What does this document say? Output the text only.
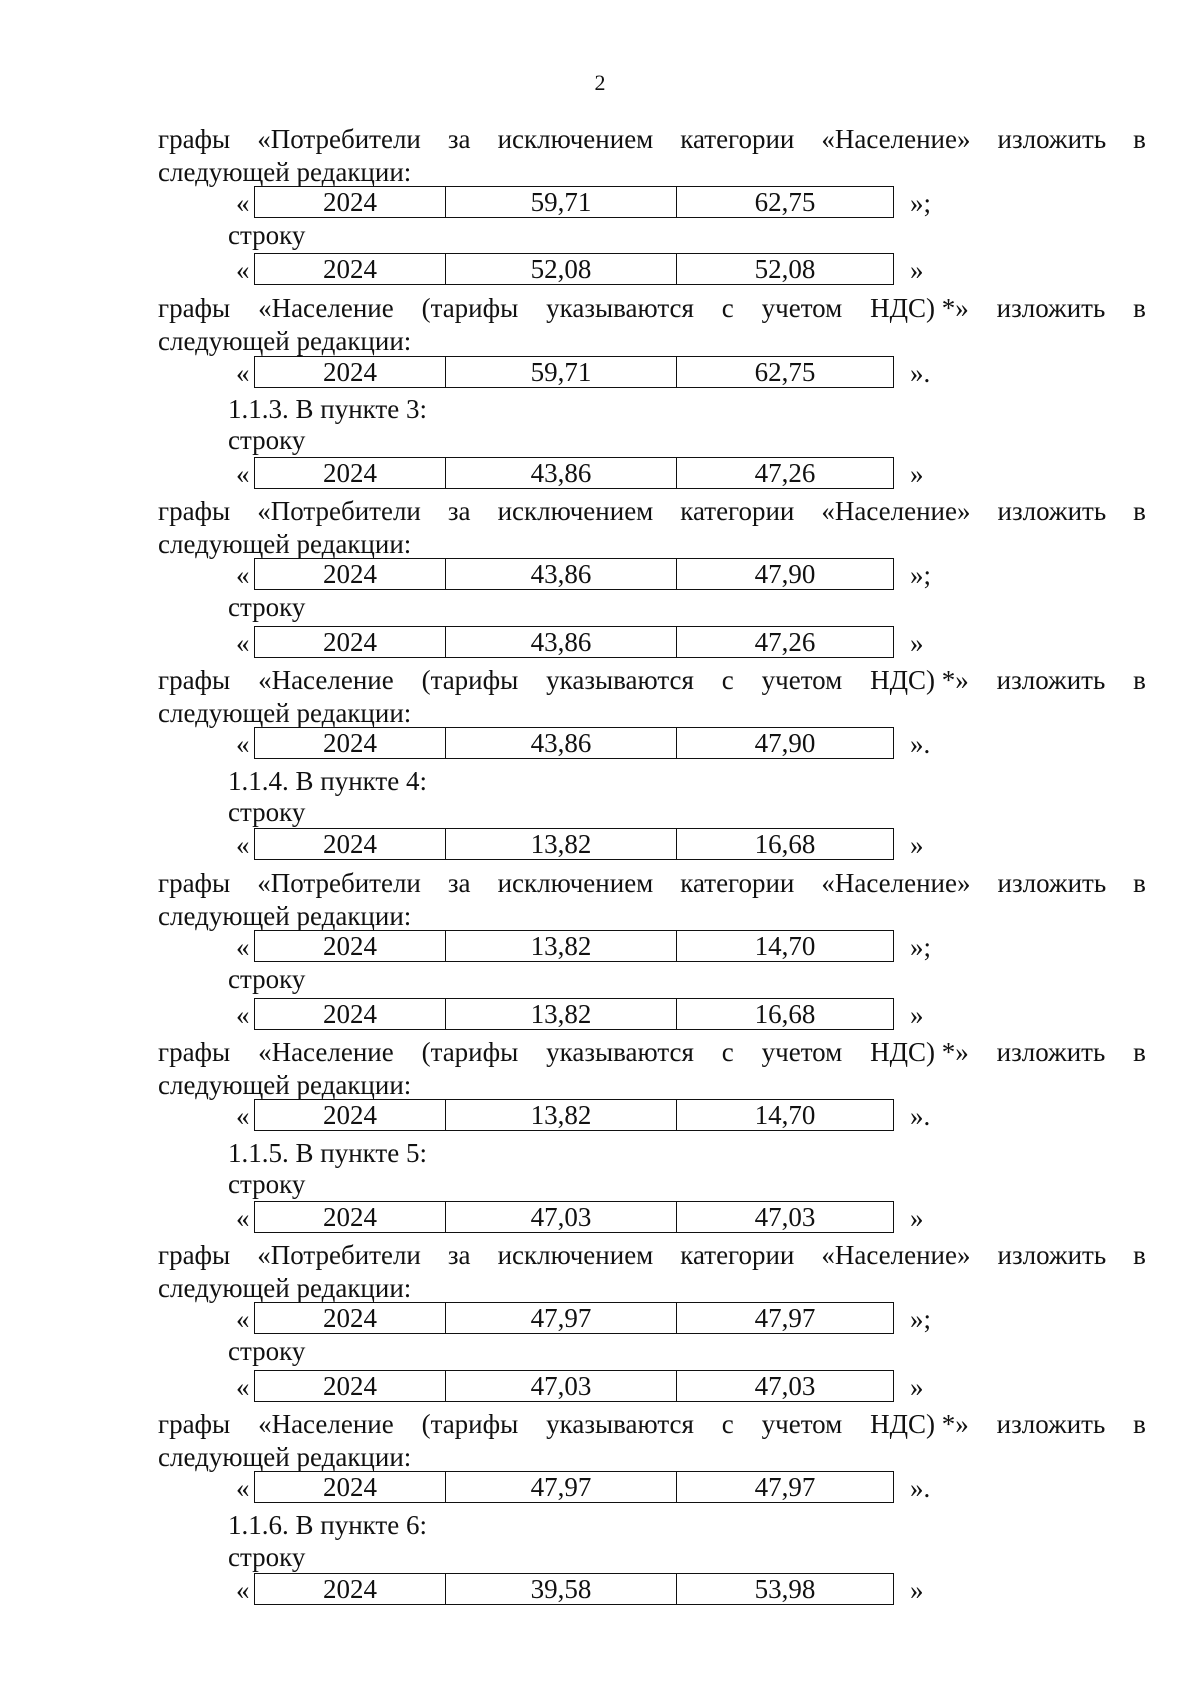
2
графы «Потребители за исключением категории «Население» изложить в
следующей редакции:
«	2024	59,71	62,75	»;
строку
«	2024	52,08	52,08	»
графы «Население (тарифы указываются с учетом НДС) *» изложить в
следующей редакции:
«	2024	59,71	62,75	».
1.1.3. В пункте 3:
строку
«	2024	43,86	47,26	»
графы «Потребители за исключением категории «Население» изложить в
следующей редакции:
«	2024	43,86	47,90	»;
строку
«	2024	43,86	47,26	»
графы «Население (тарифы указываются с учетом НДС) *» изложить в
следующей редакции:
«	2024	43,86	47,90	».
1.1.4. В пункте 4:
строку
«	2024	13,82	16,68	»
графы «Потребители за исключением категории «Население» изложить в
следующей редакции:
«	2024	13,82	14,70	»;
строку
«	2024	13,82	16,68	»
графы «Население (тарифы указываются с учетом НДС) *» изложить в
следующей редакции:
«	2024	13,82	14,70	».
1.1.5. В пункте 5:
строку
«	2024	47,03	47,03	»
графы «Потребители за исключением категории «Население» изложить в
следующей редакции:
«	2024	47,97	47,97	»;
строку
«	2024	47,03	47,03	»
графы «Население (тарифы указываются с учетом НДС) *» изложить в
следующей редакции:
«	2024	47,97	47,97	».
1.1.6. В пункте 6:
строку
«	2024	39,58	53,98	»
